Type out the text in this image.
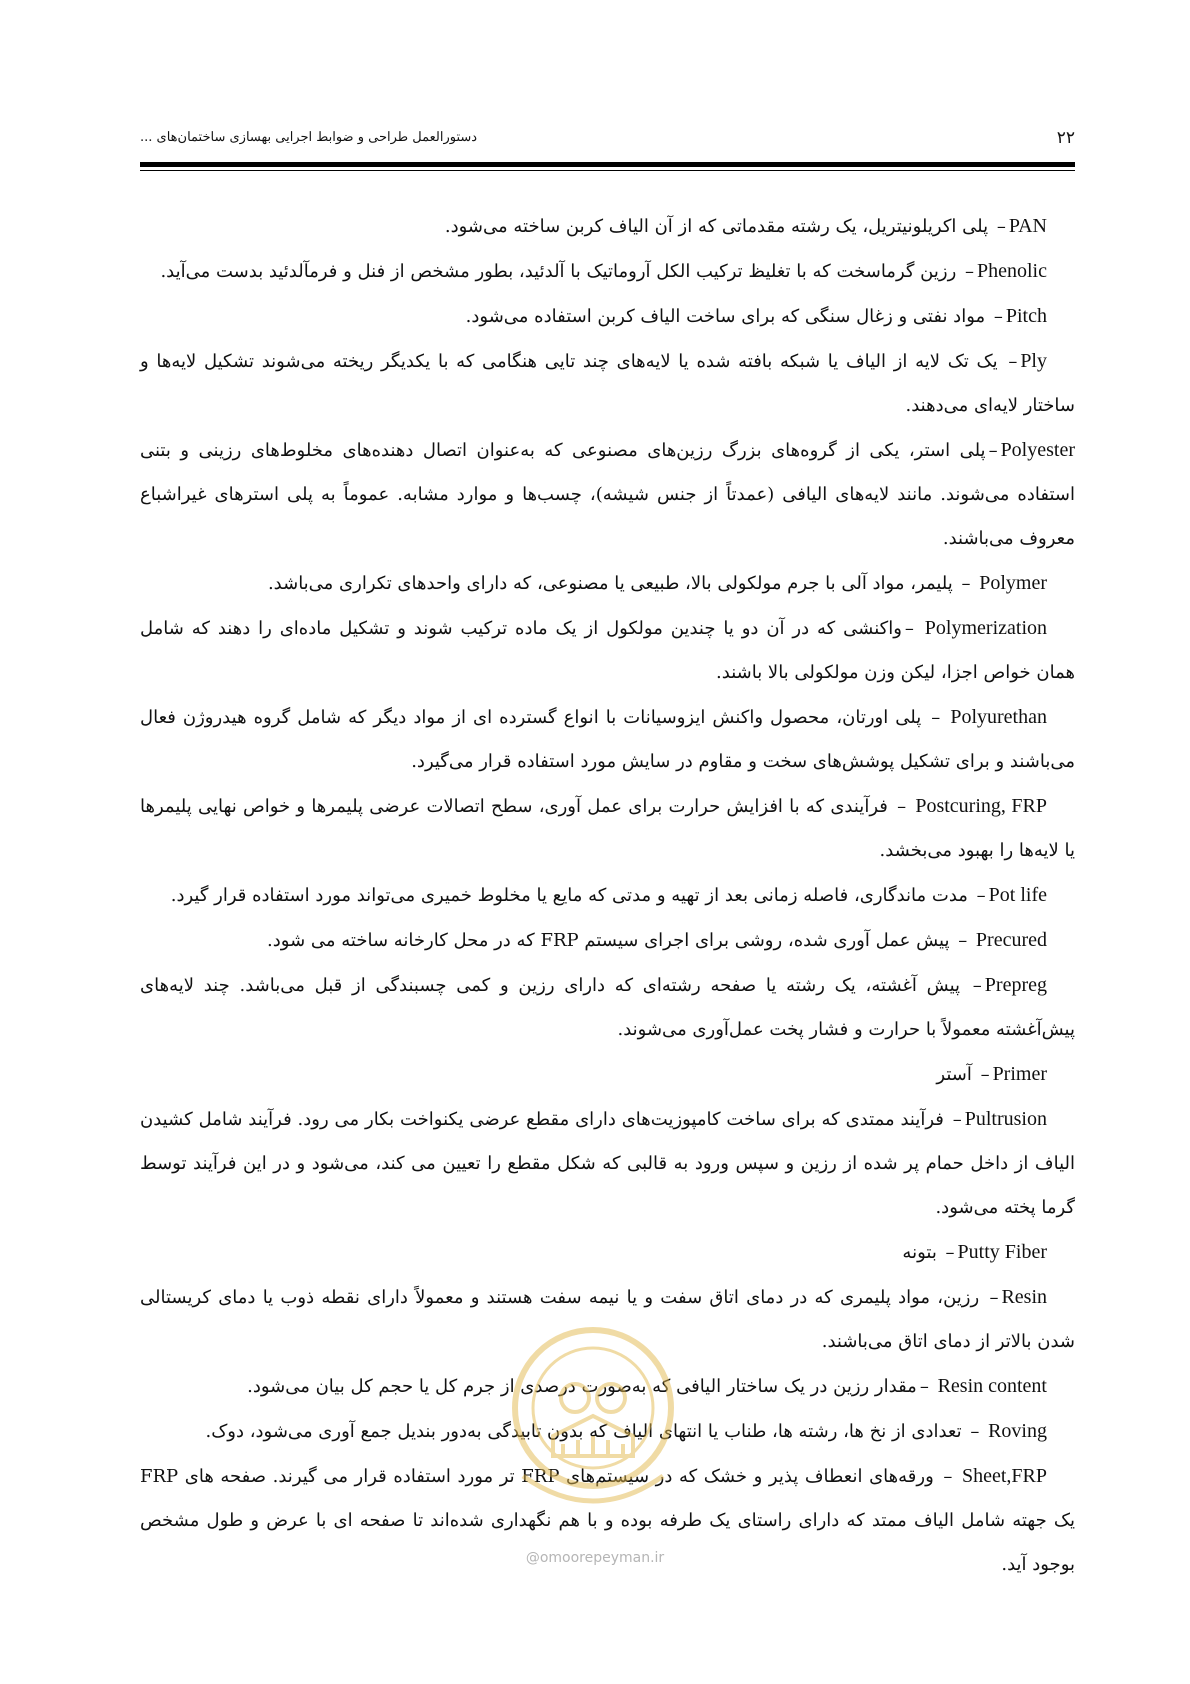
۲۲
دستورالعمل طراحی و ضوابط اجرایی بهسازی ساختمان‌های ...

PAN– پلی اکریلونیتریل، یک رشته مقدماتی که از آن الیاف کربن ساخته می‌شود.

Phenolic– رزین گرماسخت که با تغلیظ ترکیب الکل آروماتیک با آلدئید، بطور مشخص از فنل و فرمآلدئید بدست می‌آید.

Pitch– مواد نفتی و زغال سنگی که برای ساخت الیاف کربن استفاده می‌شود.

Ply– یک تک لایه از الیاف یا شبکه بافته شده یا لایه‌های چند تایی هنگامی که با یکدیگر ریخته می‌شوند تشکیل لایه‌ها و ساختار لایه‌ای می‌دهند.

Polyester–پلی استر، یکی از گروه‌های بزرگ رزین‌های مصنوعی که به‌عنوان اتصال دهنده‌های مخلوط‌های رزینی و بتنی استفاده می‌شوند. مانند لایه‌های الیافی (عمدتاً از جنس شیشه)، چسب‌ها و موارد مشابه. عموماً به پلی استرهای غیراشباع معروف می‌باشند.

Polymer – پلیمر، مواد آلی با جرم مولکولی بالا، طبیعی یا مصنوعی، که دارای واحدهای تکراری می‌باشد.

Polymerization –واکنشی که در آن دو یا چندین مولکول از یک ماده ترکیب شوند و تشکیل ماده‌ای را دهند که شامل همان خواص اجزا، لیکن وزن مولکولی بالا باشند.

Polyurethan – پلی اورتان، محصول واکنش ایزوسیانات با انواع گسترده ای از مواد دیگر که شامل گروه هیدروژن فعال می‌باشند و برای تشکیل پوشش‌های سخت و مقاوم در سایش مورد استفاده قرار می‌گیرد.

Postcuring, FRP – فرآیندی که با افزایش حرارت برای عمل آوری، سطح اتصالات عرضی پلیمرها و خواص نهایی پلیمرها یا لایه‌ها را بهبود می‌بخشد.

Pot life– مدت ماندگاری، فاصله زمانی بعد از تهیه و مدتی که مایع یا مخلوط خمیری می‌تواند مورد استفاده قرار گیرد.

Precured – پیش عمل آوری شده، روشی برای اجرای سیستم FRP که در محل کارخانه ساخته می شود.

Prepreg– پیش آغشته، یک رشته یا صفحه رشته‌ای که دارای رزین و کمی چسبندگی از قبل می‌باشد. چند لایه‌های پیش‌آغشته معمولاً با حرارت و فشار پخت عمل‌آوری می‌شوند.

Primer– آستر

Pultrusion– فرآیند ممتدی که برای ساخت کامپوزیت‌های دارای مقطع عرضی یکنواخت بکار می رود. فرآیند شامل کشیدن الیاف از داخل حمام پر شده از رزین و سپس ورود به قالبی که شکل مقطع را تعیین می کند، می‌شود و در این فرآیند توسط گرما پخته می‌شود.

Putty Fiber– بتونه

Resin– رزین، مواد پلیمری که در دمای اتاق سفت و یا نیمه سفت هستند و معمولاً دارای نقطه ذوب یا دمای کریستالی شدن بالاتر از دمای اتاق می‌باشند.

Resin content –مقدار رزین در یک ساختار الیافی که به‌صورت درصدی از جرم کل یا حجم کل بیان می‌شود.

Roving – تعدادی از نخ ها، رشته ها، طناب یا انتهای الیاف که بدون تابیدگی به‌دور بندیل جمع آوری می‌شود، دوک.

Sheet,FRP – ورقه‌های انعطاف پذیر و خشک که در سیستم‌های FRP تر مورد استفاده قرار می گیرند. صفحه های FRP یک جهته شامل الیاف ممتد که دارای راستای یک طرفه بوده و با هم نگهداری شده‌اند تا صفحه ای با عرض و طول مشخص بوجود آید.

@omoorepeyman.ir
